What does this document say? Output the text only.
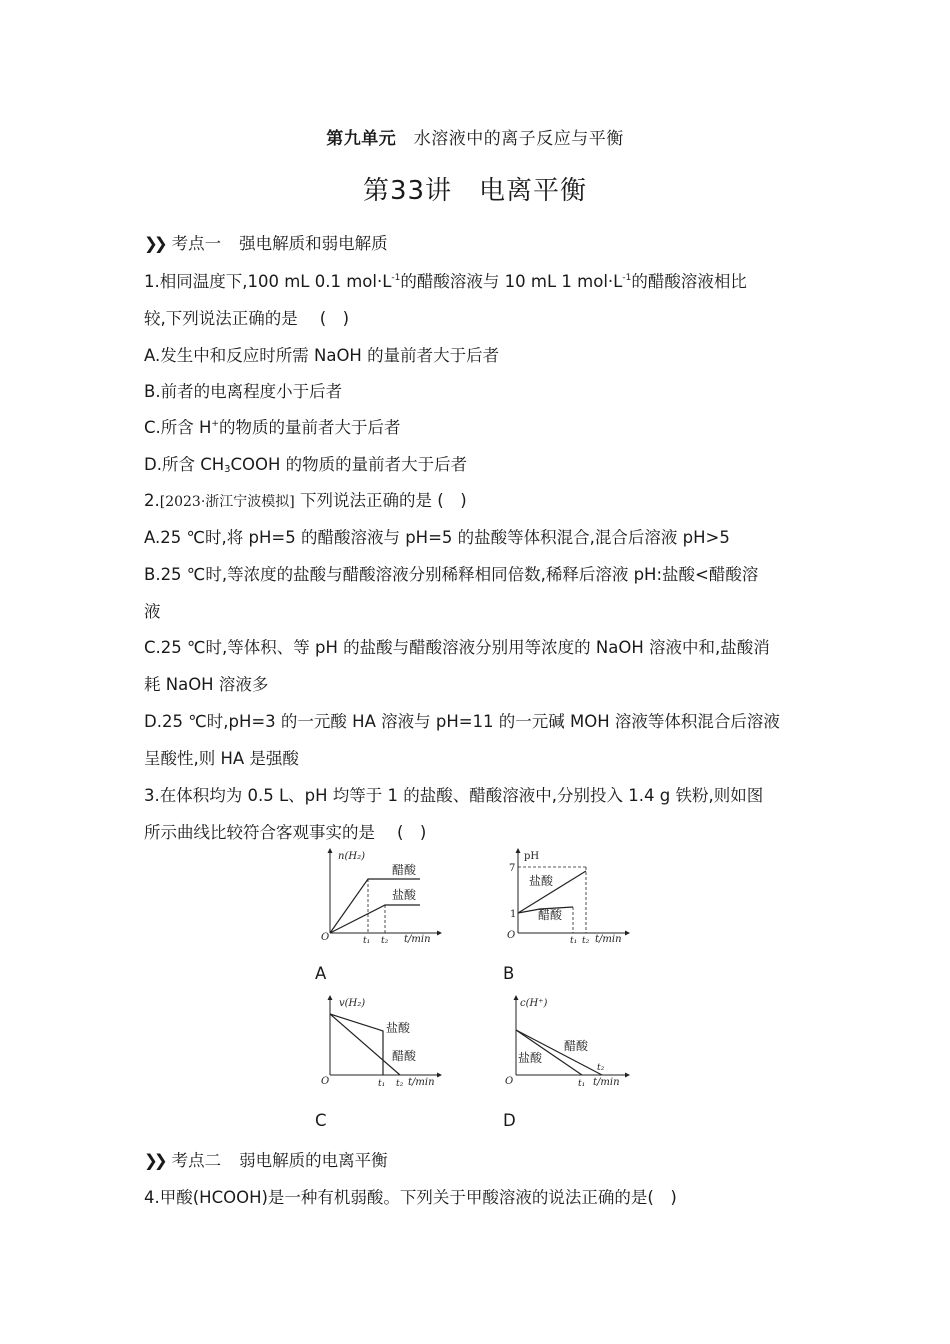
第九单元　 水溶液中的离子反应与平衡
第33讲　电离平衡
❯❯ 考点一 强电解质和弱电解质
1.相同温度下,100 mL 0.1 $mol\cdot L^{-1}$的醋酸溶液与 10 mL 1 $mol\cdot L^{-1}$的醋酸溶液相比
较,下列说法正确的是 (　)
A.发生中和反应时所需 NaOH 的量前者大于后者
B.前者的电离程度小于后者
C.所含 H+的物质的量前者大于后者
D.所含 $CH_3COOH$ 的物质的量前者大于后者
2.[2023·浙江宁波模拟] 下列说法正确的是 (　)
A.25 ℃时,将 pH=5 的醋酸溶液与 pH=5 的盐酸等体积混合,混合后溶液 pH>5
B.25 ℃时,等浓度的盐酸与醋酸溶液分别稀释相同倍数,稀释后溶液 pH:盐酸<醋酸溶
液
C.25 ℃时,等体积、等 pH 的盐酸与醋酸溶液分别用等浓度的 NaOH 溶液中和,盐酸消
耗 NaOH 溶液多
D.25 ℃时,pH=3 的一元酸 HA 溶液与 pH=11 的一元碱 MOH 溶液等体积混合后溶液
呈酸性,则 HA 是强酸
3.在体积均为 0.5 L、pH 均等于 1 的盐酸、醋酸溶液中,分别投入 1.4 g 铁粉,则如图
所示曲线比较符合客观事实的是 (　)
n(H₂)
醋酸
盐酸
O	t₁ t₂ t/min
A
pH
7
1
盐酸
醋酸
O	t₁ t₂ t/min
B
v(H₂)
盐酸
醋酸
O	t₁ t₂ t/min
C
c(H⁺)
醋酸
盐酸
O	t₁
t₂
t/min
D
❯❯ 考点二 弱电解质的电离平衡
4.甲酸(HCOOH)是一种有机弱酸。下列关于甲酸溶液的说法正确的是(　)
